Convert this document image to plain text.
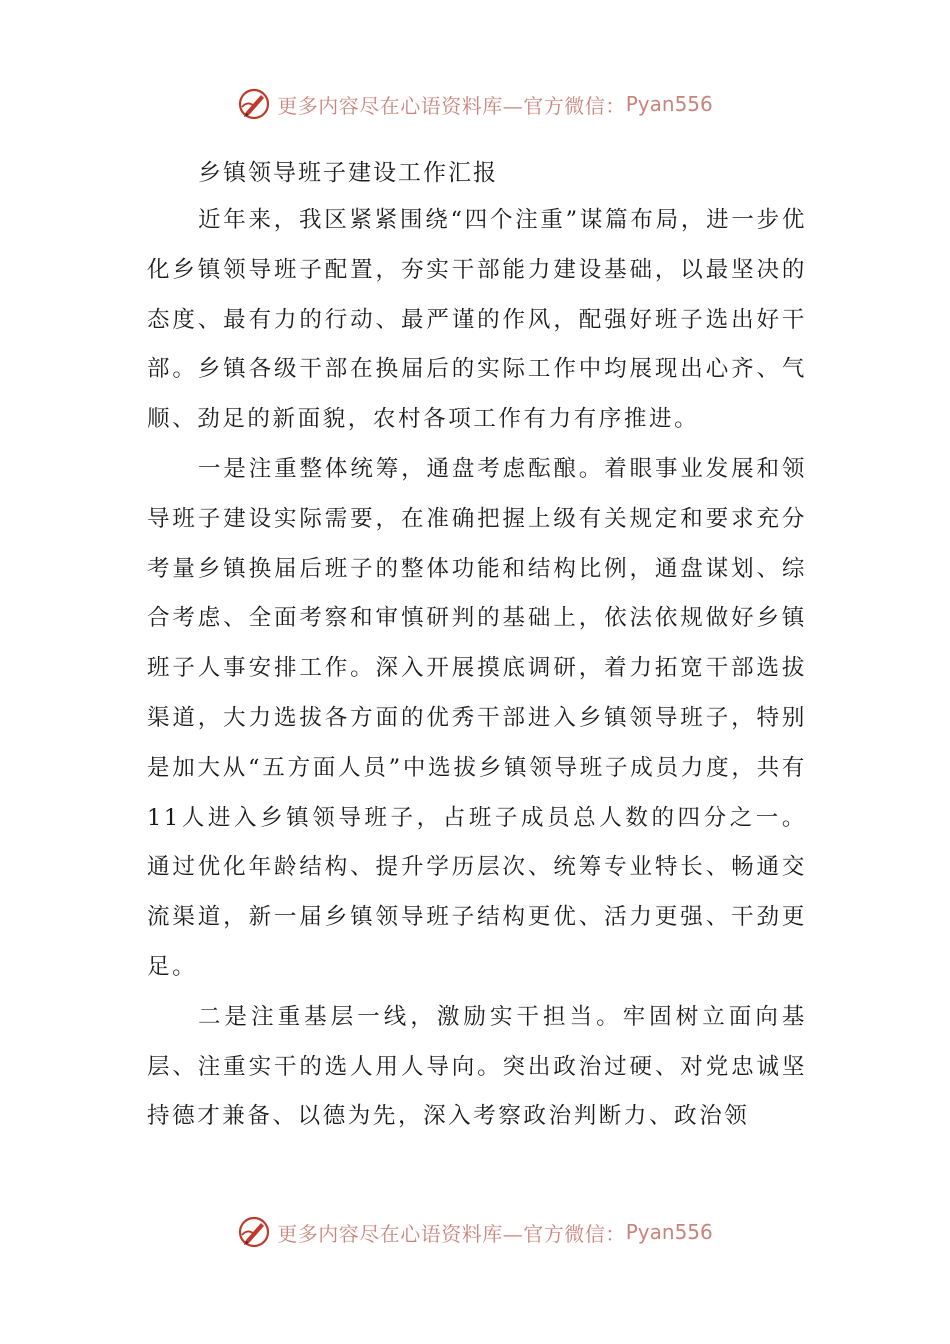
更多内容尽在心语资料库—官方微信： Pyan556
乡镇领导班子建设工作汇报

近年来，我区紧紧围绕“四个注重”谋篇布局，进一步优化乡镇领导班子配置，夯实干部能力建设基础，以最坚决的态度、最有力的行动、最严谨的作风，配强好班子选出好干部。乡镇各级干部在换届后的实际工作中均展现出心齐、气顺、劲足的新面貌，农村各项工作有力有序推进。

一是注重整体统筹，通盘考虑酝酿。着眼事业发展和领导班子建设实际需要，在准确把握上级有关规定和要求充分考量乡镇换届后班子的整体功能和结构比例，通盘谋划、综合考虑、全面考察和审慎研判的基础上，依法依规做好乡镇班子人事安排工作。深入开展摸底调研，着力拓宽干部选拔渠道，大力选拔各方面的优秀干部进入乡镇领导班子，特别是加大从“五方面人员”中选拔乡镇领导班子成员力度，共有11人进入乡镇领导班子，占班子成员总人数的四分之一。通过优化年龄结构、提升学历层次、统筹专业特长、畅通交流渠道，新一届乡镇领导班子结构更优、活力更强、干劲更足。

二是注重基层一线，激励实干担当。牢固树立面向基层、注重实干的选人用人导向。突出政治过硬、对党忠诚坚持德才兼备、以德为先，深入考察政治判断力、政治领

更多内容尽在心语资料库—官方微信： Pyan556
